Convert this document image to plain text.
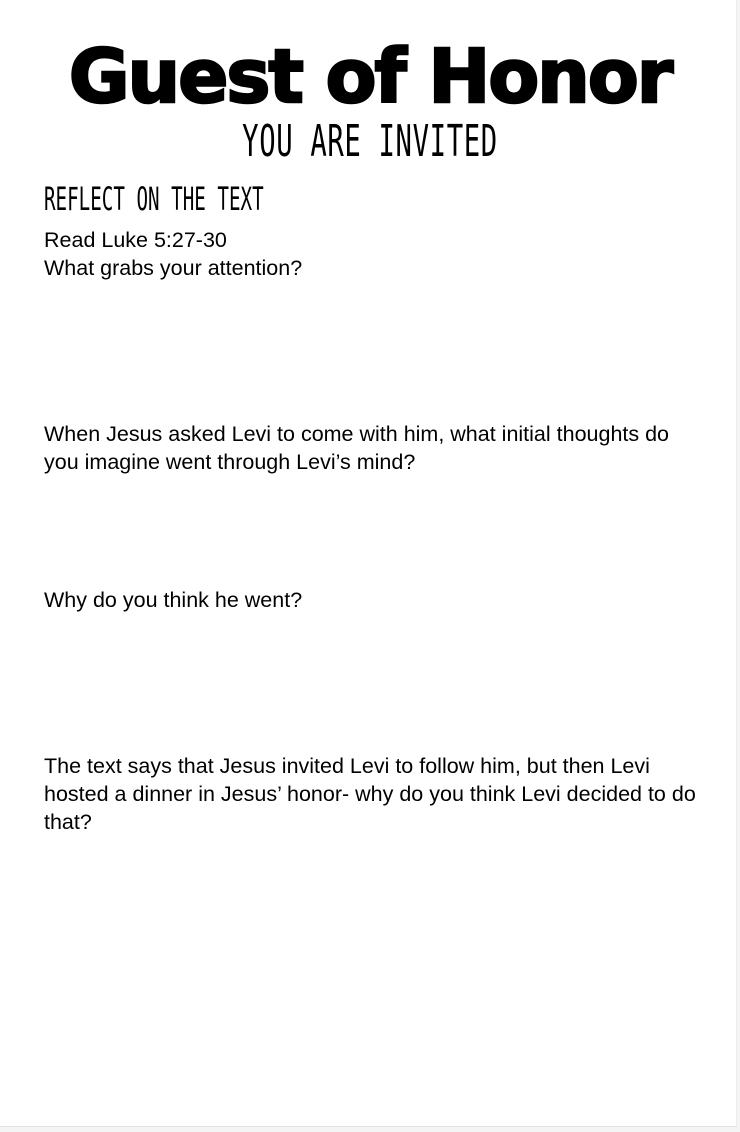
Guest of Honor
YOU ARE INVITED
REFLECT ON THE TEXT

Read Luke 5:27-30

What grabs your attention?

When Jesus asked Levi to come with him, what initial thoughts do you imagine went through Levi’s mind?

Why do you think he went?

The text says that Jesus invited Levi to follow him, but then Levi hosted a dinner in Jesus’ honor- why do you think Levi decided to do that?
